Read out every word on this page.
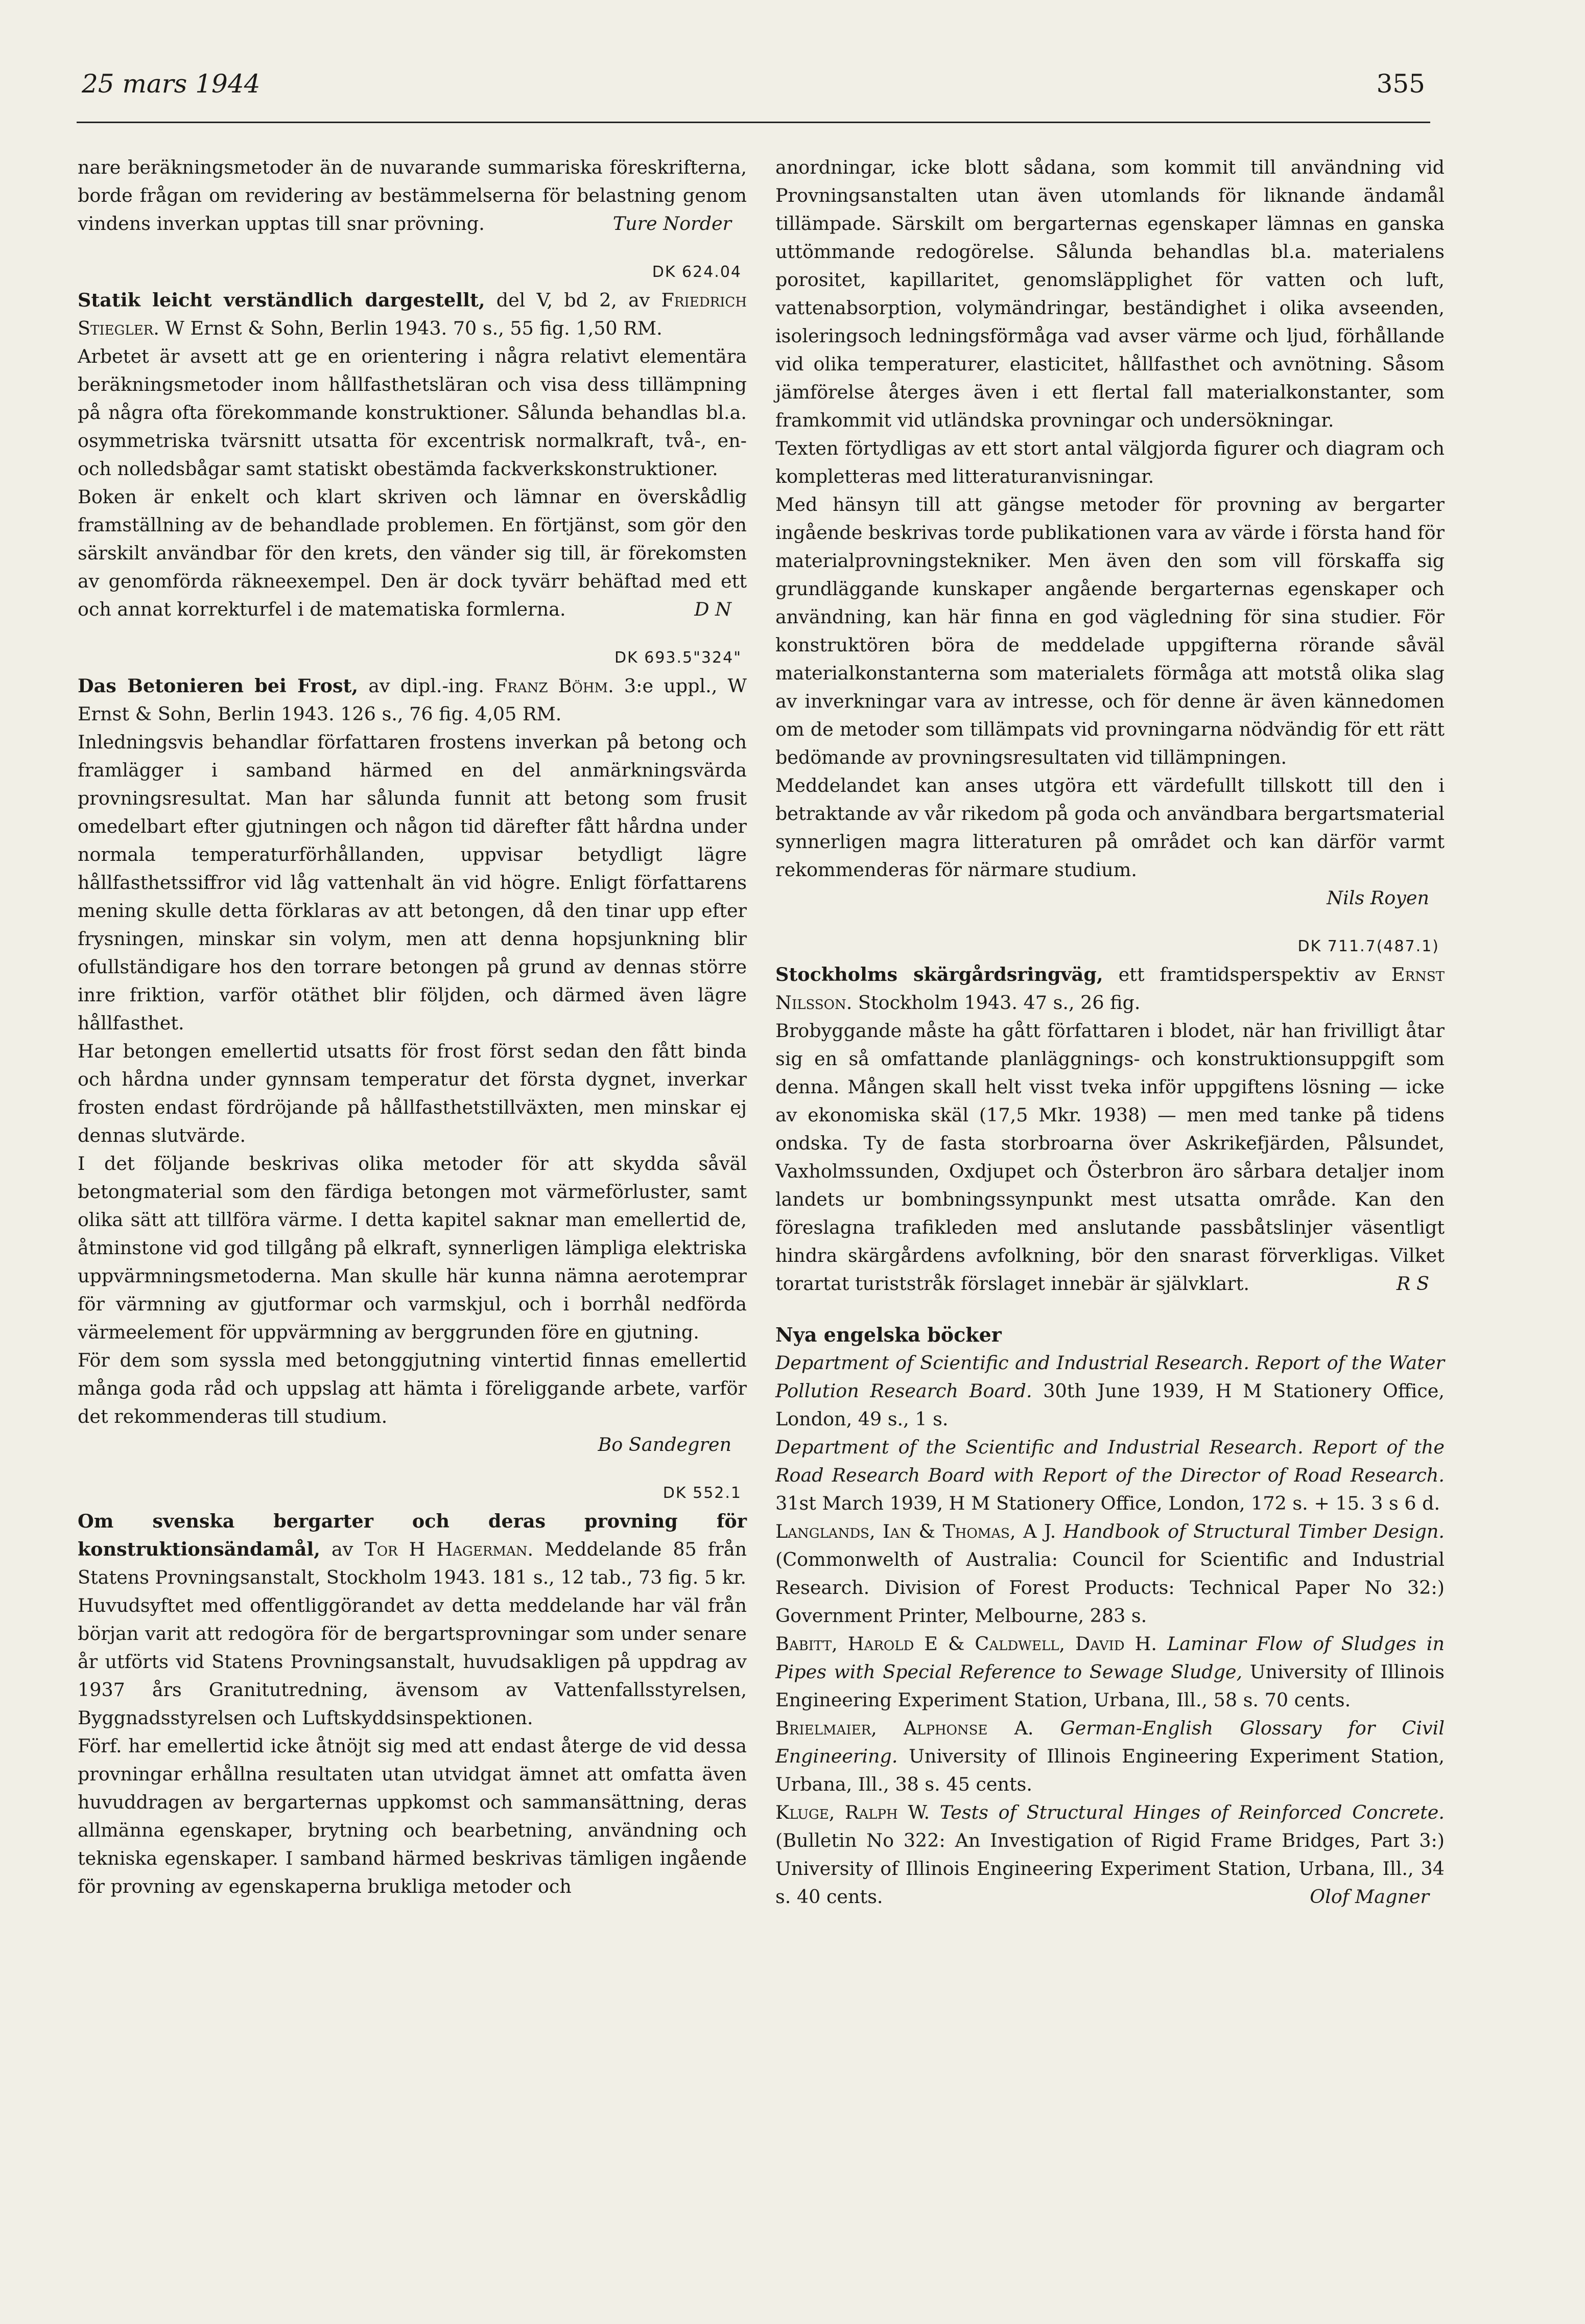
25 mars 1944	355

nare beräkningsmetoder än de nuvarande summariska föreskrifterna, borde frågan om revidering av bestämmelserna för belastning genom vindens inverkan upptas till snar prövning.	Ture Norder

DK 624.04

Statik leicht verständlich dargestellt, del V, bd 2, av Friedrich Stiegler. W Ernst & Sohn, Berlin 1943. 70 s., 55 fig. 1,50 RM.

Arbetet är avsett att ge en orientering i några relativt elementära beräkningsmetoder inom hållfasthetsläran och visa dess tillämpning på några ofta förekommande konstruktioner. Sålunda behandlas bl.a. osymmetriska tvärsnitt utsatta för excentrisk normalkraft, två-, en- och nolledsbågar samt statiskt obestämda fackverkskonstruktioner.

Boken är enkelt och klart skriven och lämnar en överskådlig framställning av de behandlade problemen. En förtjänst, som gör den särskilt användbar för den krets, den vänder sig till, är förekomsten av genomförda räkneexempel. Den är dock tyvärr behäftad med ett och annat korrekturfel i de matematiska formlerna.	D N

DK 693.5"324"

Das Betonieren bei Frost, av dipl.-ing. Franz Böhm. 3:e uppl., W Ernst & Sohn, Berlin 1943. 126 s., 76 fig. 4,05 RM.

Inledningsvis behandlar författaren frostens inverkan på betong och framlägger i samband härmed en del anmärkningsvärda provningsresultat. Man har sålunda funnit att betong som frusit omedelbart efter gjutningen och någon tid därefter fått hårdna under normala temperaturförhållanden, uppvisar betydligt lägre hållfasthetssiffror vid låg vattenhalt än vid högre. Enligt författarens mening skulle detta förklaras av att betongen, då den tinar upp efter frysningen, minskar sin volym, men att denna hopsjunkning blir ofullständigare hos den torrare betongen på grund av dennas större inre friktion, varför otäthet blir följden, och därmed även lägre hållfasthet.

Har betongen emellertid utsatts för frost först sedan den fått binda och hårdna under gynnsam temperatur det första dygnet, inverkar frosten endast fördröjande på hållfasthetstillväxten, men minskar ej dennas slutvärde.

I det följande beskrivas olika metoder för att skydda såväl betongmaterial som den färdiga betongen mot värmeförluster, samt olika sätt att tillföra värme. I detta kapitel saknar man emellertid de, åtminstone vid god tillgång på elkraft, synnerligen lämpliga elektriska uppvärmningsmetoderna. Man skulle här kunna nämna aerotemprar för värmning av gjutformar och varmskjul, och i borrhål nedförda värmeelement för uppvärmning av berggrunden före en gjutning.

För dem som syssla med betonggjutning vintertid finnas emellertid många goda råd och uppslag att hämta i föreliggande arbete, varför det rekommenderas till studium.

Bo Sandegren

DK 552.1

Om svenska bergarter och deras provning för konstruktionsändamål, av Tor H Hagerman. Meddelande 85 från Statens Provningsanstalt, Stockholm 1943. 181 s., 12 tab., 73 fig. 5 kr.

Huvudsyftet med offentliggörandet av detta meddelande har väl från början varit att redogöra för de bergartsprovningar som under senare år utförts vid Statens Provningsanstalt, huvudsakligen på uppdrag av 1937 års Granitutredning, ävensom av Vattenfallsstyrelsen, Byggnadsstyrelsen och Luftskyddsinspektionen.

Förf. har emellertid icke åtnöjt sig med att endast återge de vid dessa provningar erhållna resultaten utan utvidgat ämnet att omfatta även huvuddragen av bergarternas uppkomst och sammansättning, deras allmänna egenskaper, brytning och bearbetning, användning och tekniska egenskaper. I samband härmed beskrivas tämligen ingående för provning av egenskaperna brukliga metoder och

anordningar, icke blott sådana, som kommit till användning vid Provningsanstalten utan även utomlands för liknande ändamål tillämpade. Särskilt om bergarternas egenskaper lämnas en ganska uttömmande redogörelse. Sålunda behandlas bl.a. materialens porositet, kapillaritet, genomsläpplighet för vatten och luft, vattenabsorption, volymändringar, beständighet i olika avseenden, isoleringsoch ledningsförmåga vad avser värme och ljud, förhållande vid olika temperaturer, elasticitet, hållfasthet och avnötning. Såsom jämförelse återges även i ett flertal fall materialkonstanter, som framkommit vid utländska provningar och undersökningar.

Texten förtydligas av ett stort antal välgjorda figurer och diagram och kompletteras med litteraturanvisningar.

Med hänsyn till att gängse metoder för provning av bergarter ingående beskrivas torde publikationen vara av värde i första hand för materialprovningstekniker. Men även den som vill förskaffa sig grundläggande kunskaper angående bergarternas egenskaper och användning, kan här finna en god vägledning för sina studier. För konstruktören böra de meddelade uppgifterna rörande såväl materialkonstanterna som materialets förmåga att motstå olika slag av inverkningar vara av intresse, och för denne är även kännedomen om de metoder som tillämpats vid provningarna nödvändig för ett rätt bedömande av provningsresultaten vid tillämpningen.

Meddelandet kan anses utgöra ett värdefullt tillskott till den i betraktande av vår rikedom på goda och användbara bergartsmaterial synnerligen magra litteraturen på området och kan därför varmt rekommenderas för närmare studium.

Nils Royen

DK 711.7(487.1)

Stockholms skärgårdsringväg, ett framtidsperspektiv av Ernst Nilsson. Stockholm 1943. 47 s., 26 fig.

Brobyggande måste ha gått författaren i blodet, när han frivilligt åtar sig en så omfattande planläggnings- och konstruktionsuppgift som denna. Mången skall helt visst tveka inför uppgiftens lösning — icke av ekonomiska skäl (17,5 Mkr. 1938) — men med tanke på tidens ondska. Ty de fasta storbroarna över Askrikefjärden, Pålsundet, Vaxholmssunden, Oxdjupet och Österbron äro sårbara detaljer inom landets ur bombningssynpunkt mest utsatta område. Kan den föreslagna trafikleden med anslutande passbåtslinjer väsentligt hindra skärgårdens avfolkning, bör den snarast förverkligas. Vilket torartat turiststråk förslaget innebär är självklart.	R S

Nya engelska böcker

Department of Scientific and Industrial Research. Report of the Water Pollution Research Board. 30th June 1939, H M Stationery Office, London, 49 s., 1 s.

Department of the Scientific and Industrial Research. Report of the Road Research Board with Report of the Director of Road Research. 31st March 1939, H M Stationery Office, London, 172 s. + 15. 3 s 6 d.

Langlands, Ian & Thomas, A J. Handbook of Structural Timber Design. (Commonwelth of Australia: Council for Scientific and Industrial Research. Division of Forest Products: Technical Paper No 32:) Government Printer, Melbourne, 283 s.

Babitt, Harold E & Caldwell, David H. Laminar Flow of Sludges in Pipes with Special Reference to Sewage Sludge, University of Illinois Engineering Experiment Station, Urbana, Ill., 58 s. 70 cents.

Brielmaier, Alphonse A. German-English Glossary for Civil Engineering. University of Illinois Engineering Experiment Station, Urbana, Ill., 38 s. 45 cents.

Kluge, Ralph W. Tests of Structural Hinges of Reinforced Concrete. (Bulletin No 322: An Investigation of Rigid Frame Bridges, Part 3:) University of Illinois Engineering Experiment Station, Urbana, Ill., 34 s. 40 cents.	Olof Magner
